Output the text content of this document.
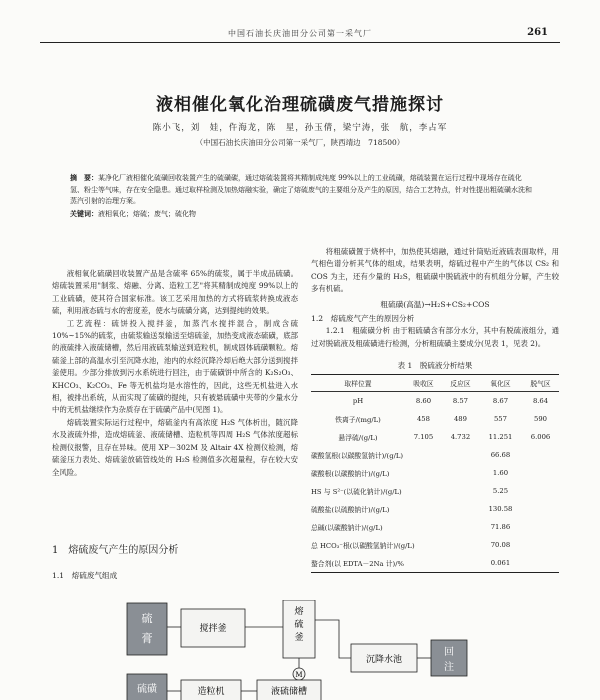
中国石油长庆油田分公司第一采气厂	261
液相催化氧化治理硫磺废气措施探讨
陈小飞，刘　娃，仵海龙，陈　星，孙玉倩，梁宁涛，张　航，李占军
（中国石油长庆油田分公司第一采气厂，陕西靖边　718500）
摘　要：某净化厂液相催化硫磺回收装置产生的硫磺碳，通过熔硫装置将其精制成纯度 99%以上的工业硫磺，熔硫装置在运行过程中现场存在硫化氢、粉尘等气味，存在安全隐患。通过取样检测及加热熔融实验，确定了熔硫废气的主要组分及产生的原因，结合工艺特点，针对性提出粗硫磺水洗和蒸汽引射的治理方案。
关键词：液相氧化；熔硫；废气；硫化物

液相氧化硫磺回收装置产品是含硫率 65%的硫浆，属于半成品硫磺。熔硫装置采用"制浆、熔融、分离、造粒工艺"将其精制成纯度 99%以上的工业硫磺，使其符合国家标准。该工艺采用加热的方式将硫浆转换成液态硫，利用液态硫与水的密度差，使水与硫磺分离，达到提纯的效果。

工艺流程：硫饼投入搅拌釜，加蒸汽水搅拌混合，制成含硫 10%~15%的硫浆，由硫浆输送泵输送至熔硫釜，加热变成液态硫磺，底部的液硫排入液硫储槽，然后用液硫泵输送到造粒机，制成固体硫磺颗粒。熔硫釜上部的高温水引至沉降水池，池内的水经沉降冷却后绝大部分送到搅拌釜使用。少部分排放到污水系统进行回注，由于硫磺饼中所含的 K₂S₂O₃、KHCO₃、K₂CO₃、Fe 等无机盐均是水溶性的，因此，这些无机盐进入水相，被排出系统，从而实现了硫磺的提纯，只有被悬硫磺中夹带的少量水分中的无机盐继续作为杂质存在于硫磺产品中(见图 1)。

熔硫装置实际运行过程中，熔硫釜内有高浓度 H₂S 气体析出，随沉降水及液硫外排，造成熔硫釜、液硫储槽、造粒机等四周 H₂S 气体浓度超标检测仪报警，且存在异味。使用 XP－302M 及 Altair 4X 检测仪检测，熔硫釜压力表处、熔硫釜放硫管线处的 H₂S 检测值多次超量程，存在较大安全风险。

1　熔硫废气产生的原因分析
1.1　熔硫废气组成

将粗硫磺置于烧杯中，加热使其熔融，通过针筒贴近液硫表面取样，用气相色谱分析其气体的组成，结果表明，熔硫过程中产生的气体以 CS₂ 和 COS 为主，还有少量的 H₂S，粗硫磺中脱硫液中的有机组分分解，产生较多有机硫。

粗硫磺(高温)→H₂S+CS₂+COS

1.2　熔硫废气产生的原因分析

1.2.1　粗硫磺分析 由于粗硫磺含有部分水分，其中有脱硫液组分，通过对脱硫液及粗硫磺进行检测，分析粗硫磺主要成分(见表 1，见表 2)。

表 1　脱硫液分析结果
取样位置	吸收区	反应区	氧化区	脱气区
pH	8.60	8.57	8.67	8.64
铁离子/(mg/L)	458	489	557	590
悬浮硫/(g/L)	7.105	4.732	11.251	6.006
碳酸氢根(以碳酸氢钠计)/(g/L)		66.68		
碳酸根(以碳酸钠计)/(g/L)		1.60		
HS 与 S²⁻(以硫化钠计)/(g/L)		5.25		
硫酸盐(以硫酸钠计)/(g/L)		130.58		
总碱(以碳酸钠计)/(g/L)		71.86		
总 HCO₃⁻根(以碳酸氢钠计)/(g/L)		70.08		
螯合剂(以 EDTA－2Na 计)/%		0.061		
硫
膏
搅拌釜
熔
硫
釜
沉降水池
回
注
M
硫磺	造粒机	液硫储槽
